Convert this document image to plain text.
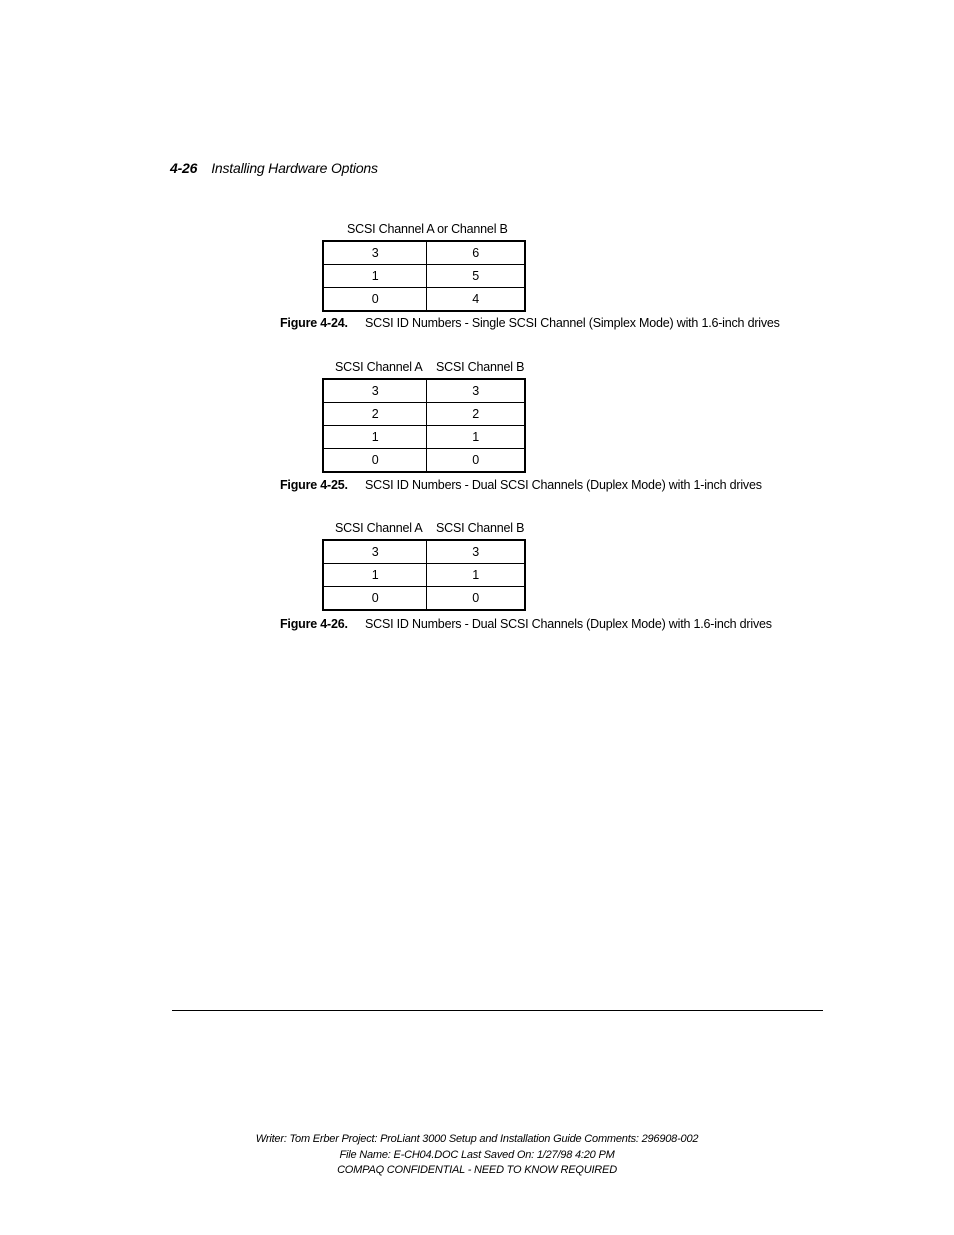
4-26 Installing Hardware Options
SCSI Channel A or Channel B
3	6
1	5
0	4
Figure 4-24. SCSI ID Numbers - Single SCSI Channel (Simplex Mode) with 1.6-inch drives
SCSI Channel A SCSI Channel B
3	3
2	2
1	1
0	0
Figure 4-25. SCSI ID Numbers - Dual SCSI Channels (Duplex Mode) with 1-inch drives
SCSI Channel A SCSI Channel B
3	3
1	1
0	0
Figure 4-26. SCSI ID Numbers - Dual SCSI Channels (Duplex Mode) with 1.6-inch drives
Writer: Tom Erber Project: ProLiant 3000 Setup and Installation Guide Comments: 296908-002
File Name: E-CH04.DOC Last Saved On: 1/27/98 4:20 PM
COMPAQ CONFIDENTIAL - NEED TO KNOW REQUIRED
